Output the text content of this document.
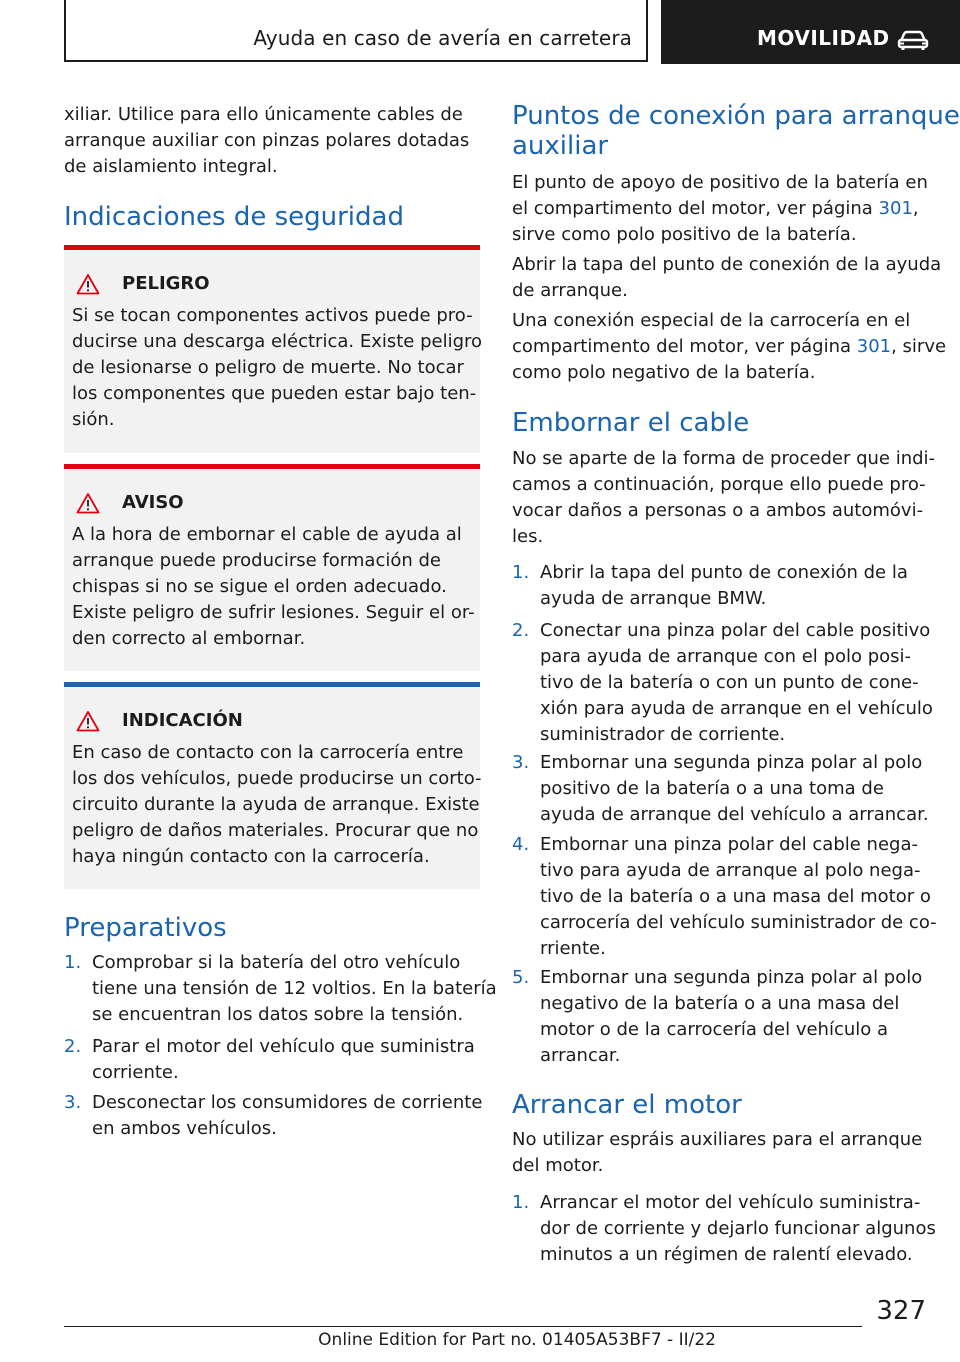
Ayuda en caso de avería en carretera	MOVILIDAD

xiliar. Utilice para ello únicamente cables de
arranque auxiliar con pinzas polares dotadas
de aislamiento integral.

Indicaciones de seguridad
PELIGRO

Si se tocan componentes activos puede pro-
ducirse una descarga eléctrica. Existe peligro
de lesionarse o peligro de muerte. No tocar
los componentes que pueden estar bajo ten-
sión.

AVISO

A la hora de embornar el cable de ayuda al
arranque puede producirse formación de
chispas si no se sigue el orden adecuado.
Existe peligro de sufrir lesiones. Seguir el or-
den correcto al embornar.

INDICACIÓN

En caso de contacto con la carrocería entre
los dos vehículos, puede producirse un corto-
circuito durante la ayuda de arranque. Existe
peligro de daños materiales. Procurar que no
haya ningún contacto con la carrocería.

Preparativos
1. Comprobar si la batería del otro vehículo
tiene una tensión de 12 voltios. En la batería
se encuentran los datos sobre la tensión.

2. Parar el motor del vehículo que suministra
corriente.

3. Desconectar los consumidores de corriente
en ambos vehículos.

Puntos de conexión para arranque
auxiliar

El punto de apoyo de positivo de la batería en
el compartimento del motor, ver página 301,
sirve como polo positivo de la batería.

Abrir la tapa del punto de conexión de la ayuda
de arranque.

Una conexión especial de la carrocería en el
compartimento del motor, ver página 301, sirve
como polo negativo de la batería.

Embornar el cable

No se aparte de la forma de proceder que indi-
camos a continuación, porque ello puede pro-
vocar daños a personas o a ambos automóvi-
les.

1. Abrir la tapa del punto de conexión de la
ayuda de arranque BMW.

2. Conectar una pinza polar del cable positivo
para ayuda de arranque con el polo posi-
tivo de la batería o con un punto de cone-
xión para ayuda de arranque en el vehículo
suministrador de corriente.

3. Embornar una segunda pinza polar al polo
positivo de la batería o a una toma de
ayuda de arranque del vehículo a arrancar.

4. Embornar una pinza polar del cable nega-
tivo para ayuda de arranque al polo nega-
tivo de la batería o a una masa del motor o
carrocería del vehículo suministrador de co-
rriente.

5. Embornar una segunda pinza polar al polo
negativo de la batería o a una masa del
motor o de la carrocería del vehículo a
arrancar.

Arrancar el motor

No utilizar espráis auxiliares para el arranque
del motor.

1. Arrancar el motor del vehículo suministra-
dor de corriente y dejarlo funcionar algunos
minutos a un régimen de ralentí elevado.

327
Online Edition for Part no. 01405A53BF7 - II/22
